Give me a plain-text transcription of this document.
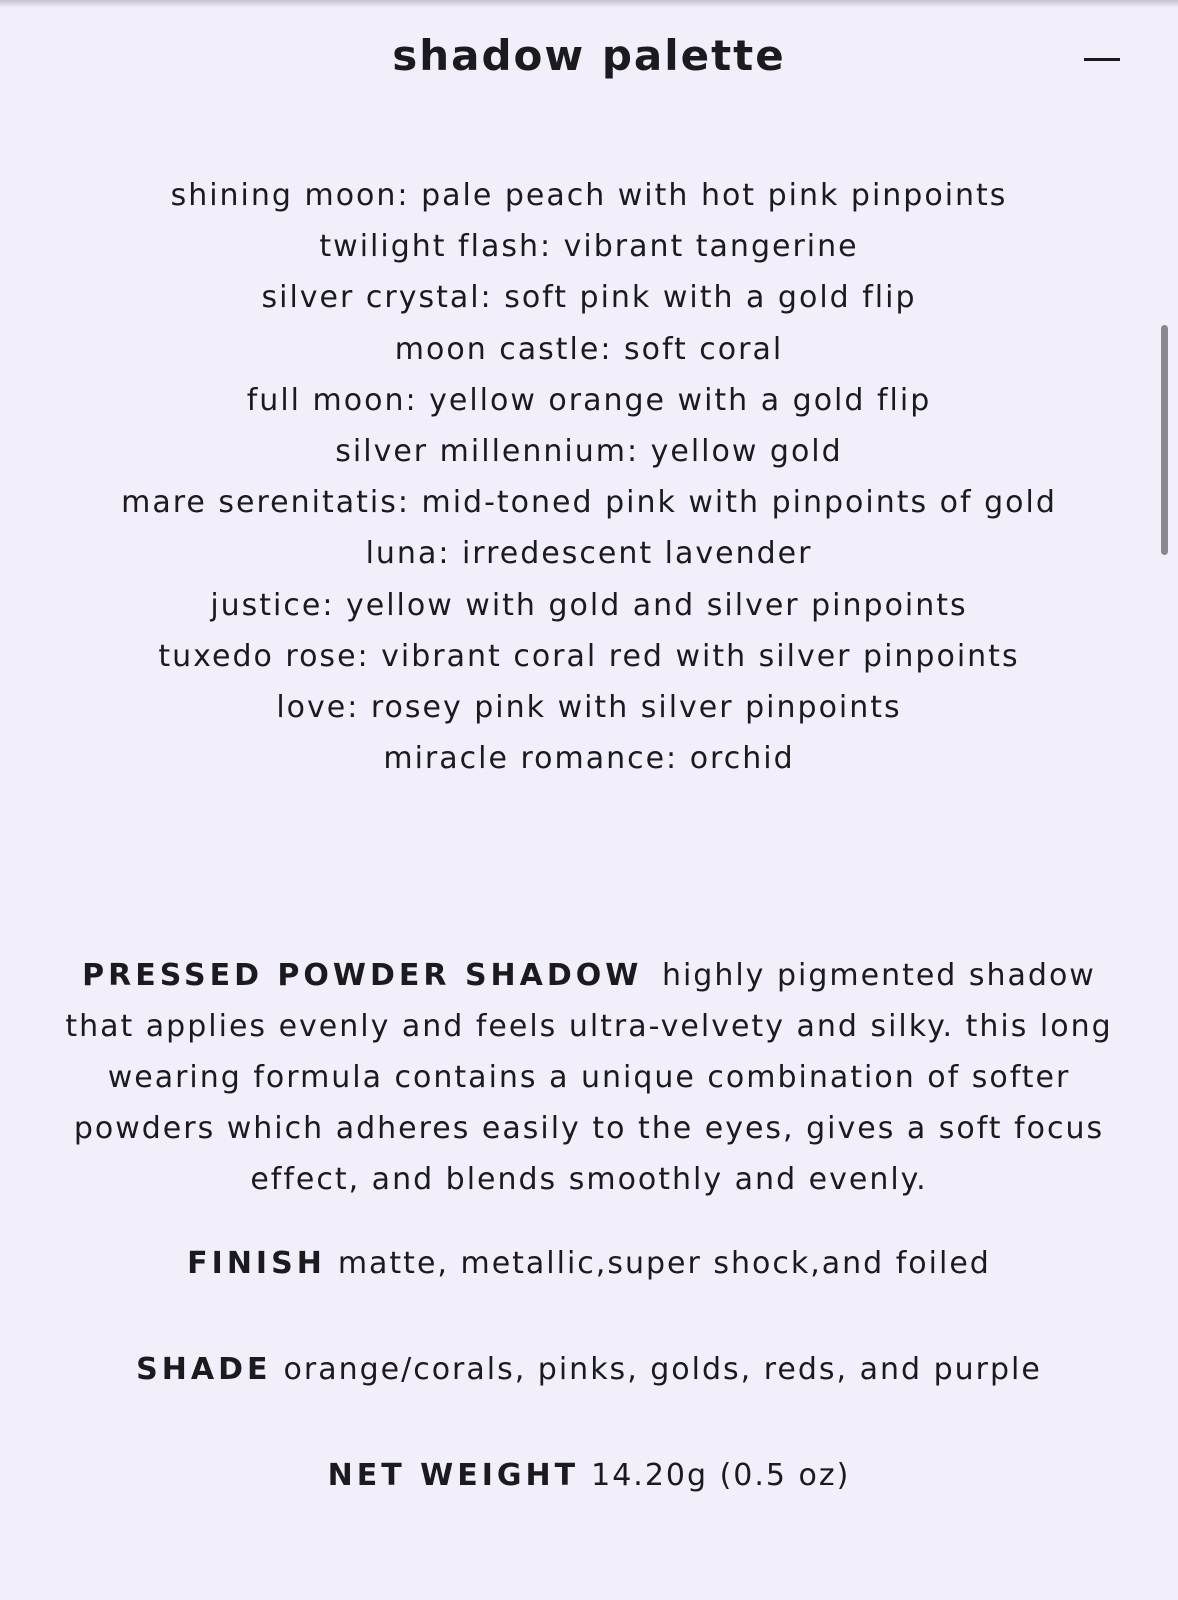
shadow palette
shining moon: pale peach with hot pink pinpoints
twilight flash: vibrant tangerine
silver crystal: soft pink with a gold flip
moon castle: soft coral
full moon: yellow orange with a gold flip
silver millennium: yellow gold
mare serenitatis: mid-toned pink with pinpoints of gold
luna: irredescent lavender
justice: yellow with gold and silver pinpoints
tuxedo rose: vibrant coral red with silver pinpoints
love: rosey pink with silver pinpoints
miracle romance: orchid

PRESSED POWDER SHADOW highly pigmented shadow that applies evenly and feels ultra-velvety and silky. this long wearing formula contains a unique combination of softer powders which adheres easily to the eyes, gives a soft focus effect, and blends smoothly and evenly.

FINISH matte, metallic,super shock,and foiled

SHADE orange/corals, pinks, golds, reds, and purple

NET WEIGHT 14.20g (0.5 oz)
